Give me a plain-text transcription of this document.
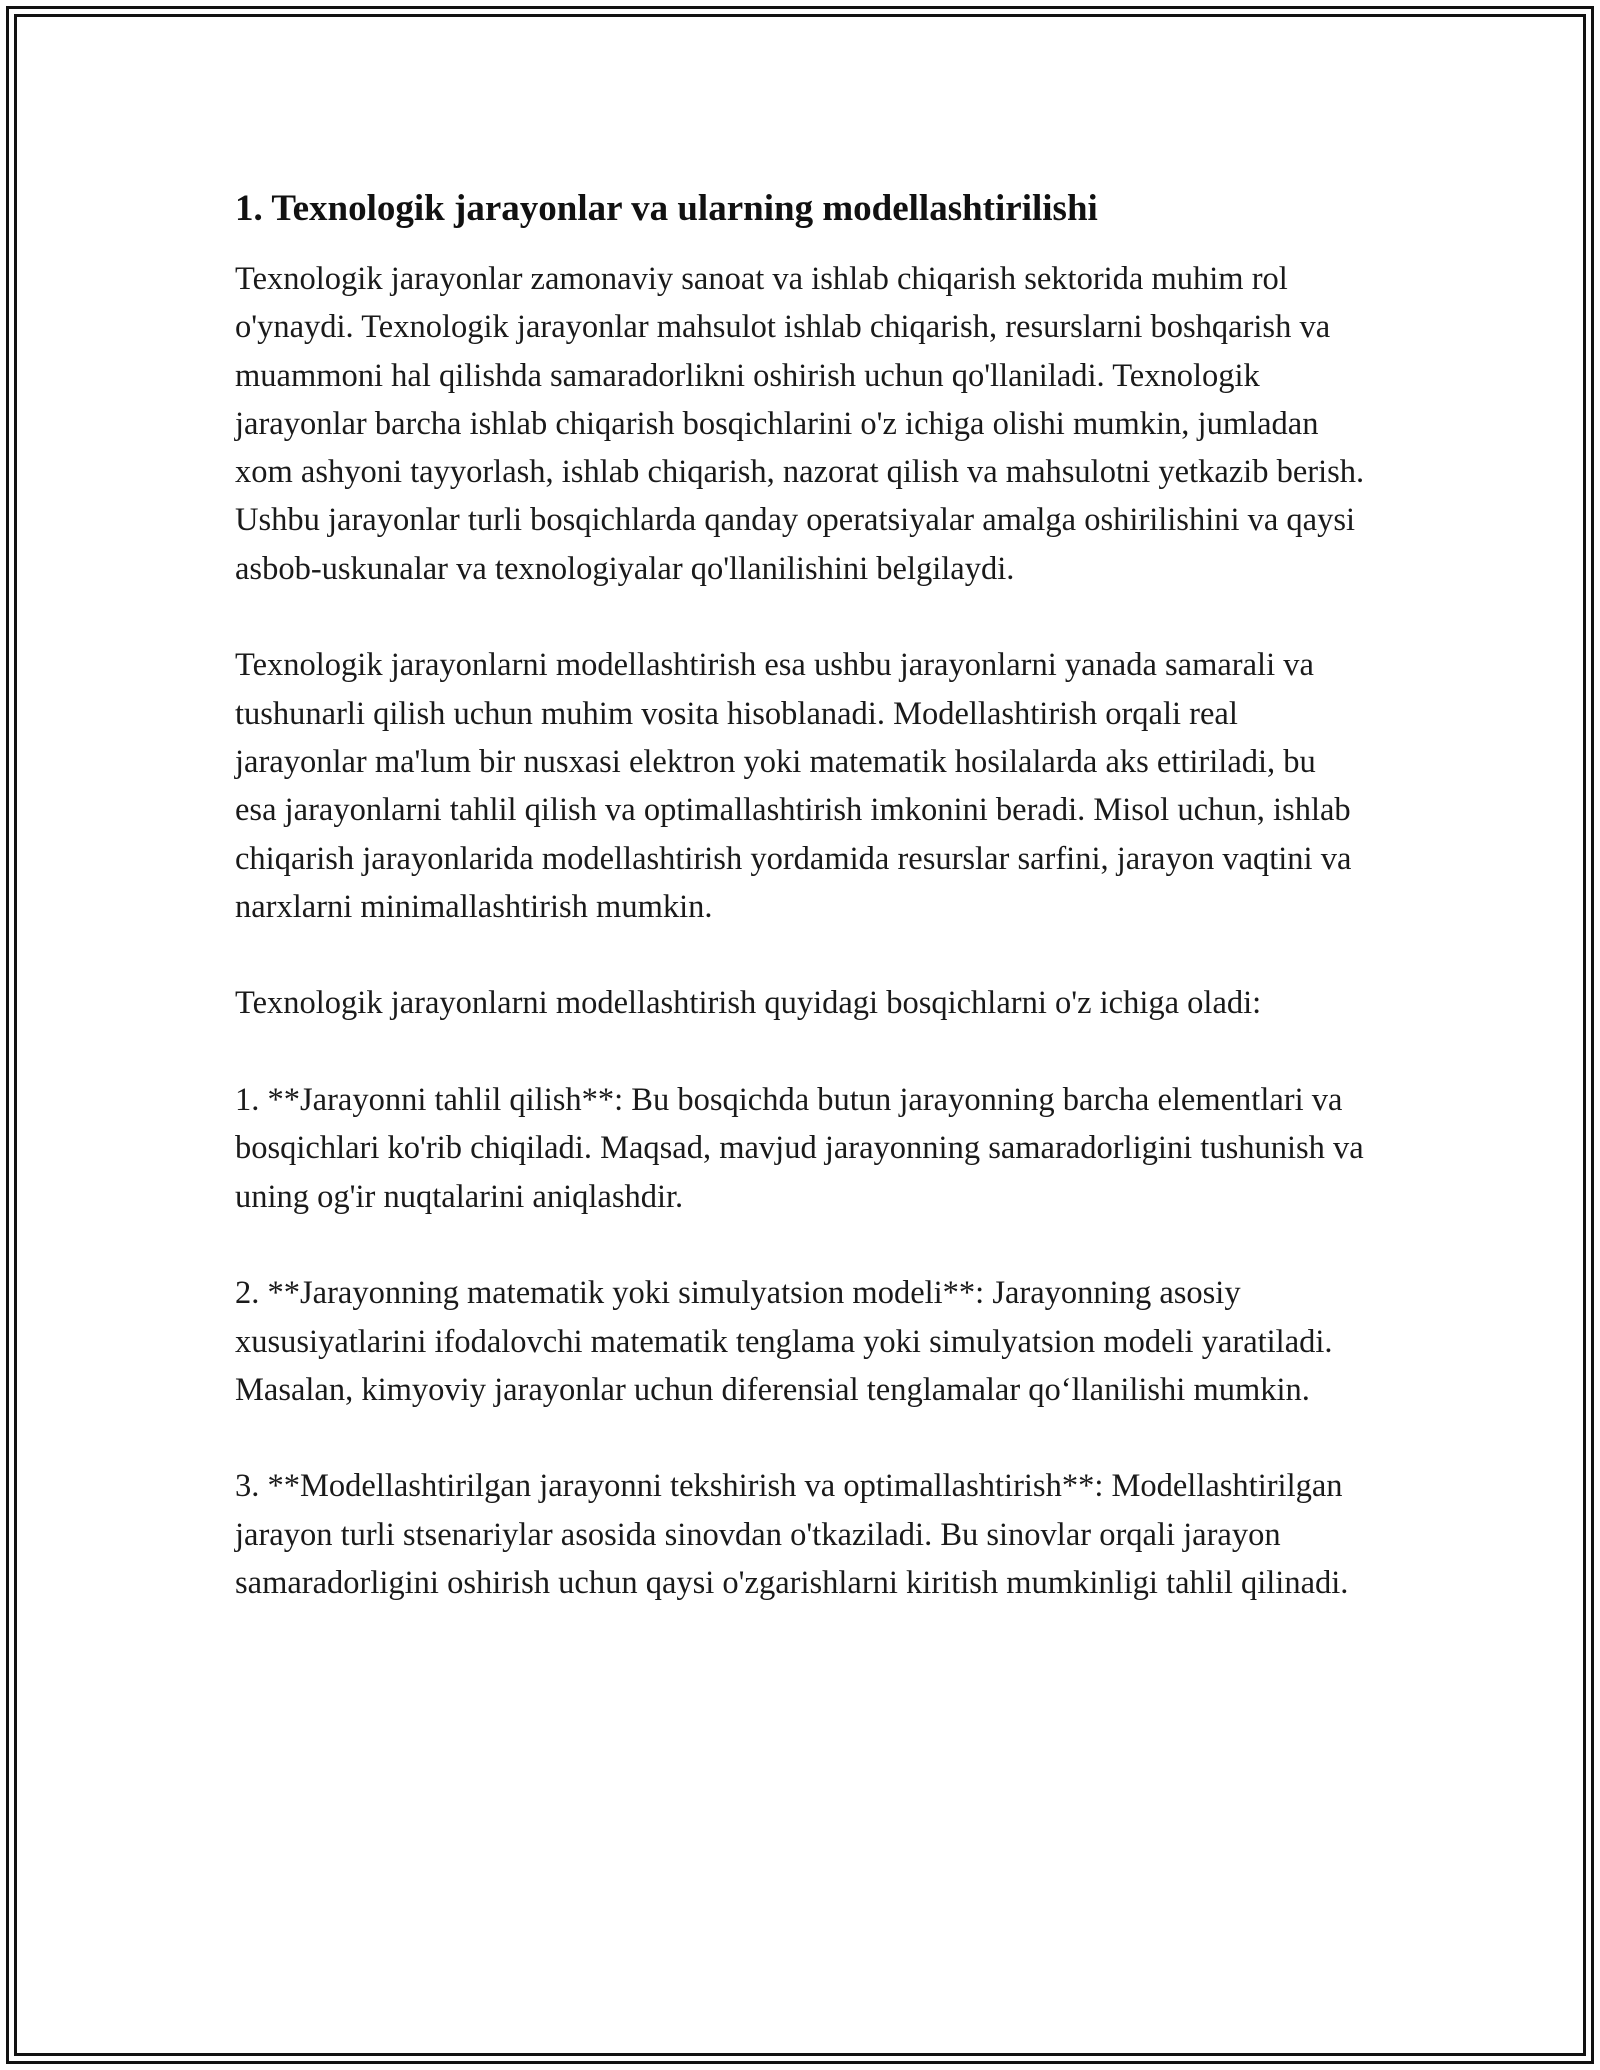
1. Texnologik jarayonlar va ularning modellashtirilishi

Texnologik jarayonlar zamonaviy sanoat va ishlab chiqarish sektorida muhim rol o'ynaydi. Texnologik jarayonlar mahsulot ishlab chiqarish, resurslarni boshqarish va muammoni hal qilishda samaradorlikni oshirish uchun qo'llaniladi. Texnologik jarayonlar barcha ishlab chiqarish bosqichlarini o'z ichiga olishi mumkin, jumladan xom ashyoni tayyorlash, ishlab chiqarish, nazorat qilish va mahsulotni yetkazib berish. Ushbu jarayonlar turli bosqichlarda qanday operatsiyalar amalga oshirilishini va qaysi asbob-uskunalar va texnologiyalar qo'llanilishini belgilaydi.

Texnologik jarayonlarni modellashtirish esa ushbu jarayonlarni yanada samarali va tushunarli qilish uchun muhim vosita hisoblanadi. Modellashtirish orqali real jarayonlar ma'lum bir nusxasi elektron yoki matematik hosilalarda aks ettiriladi, bu esa jarayonlarni tahlil qilish va optimallashtirish imkonini beradi. Misol uchun, ishlab chiqarish jarayonlarida modellashtirish yordamida resurslar sarfini, jarayon vaqtini va narxlarni minimallashtirish mumkin.

Texnologik jarayonlarni modellashtirish quyidagi bosqichlarni o'z ichiga oladi:

1. **Jarayonni tahlil qilish**: Bu bosqichda butun jarayonning barcha elementlari va bosqichlari ko'rib chiqiladi. Maqsad, mavjud jarayonning samaradorligini tushunish va uning og'ir nuqtalarini aniqlashdir.

2. **Jarayonning matematik yoki simulyatsion modeli**: Jarayonning asosiy xususiyatlarini ifodalovchi matematik tenglama yoki simulyatsion modeli yaratiladi. Masalan, kimyoviy jarayonlar uchun diferensial tenglamalar qo‘llanilishi mumkin.

3. **Modellashtirilgan jarayonni tekshirish va optimallashtirish**: Modellashtirilgan jarayon turli stsenariylar asosida sinovdan o'tkaziladi. Bu sinovlar orqali jarayon samaradorligini oshirish uchun qaysi o'zgarishlarni kiritish mumkinligi tahlil qilinadi.
